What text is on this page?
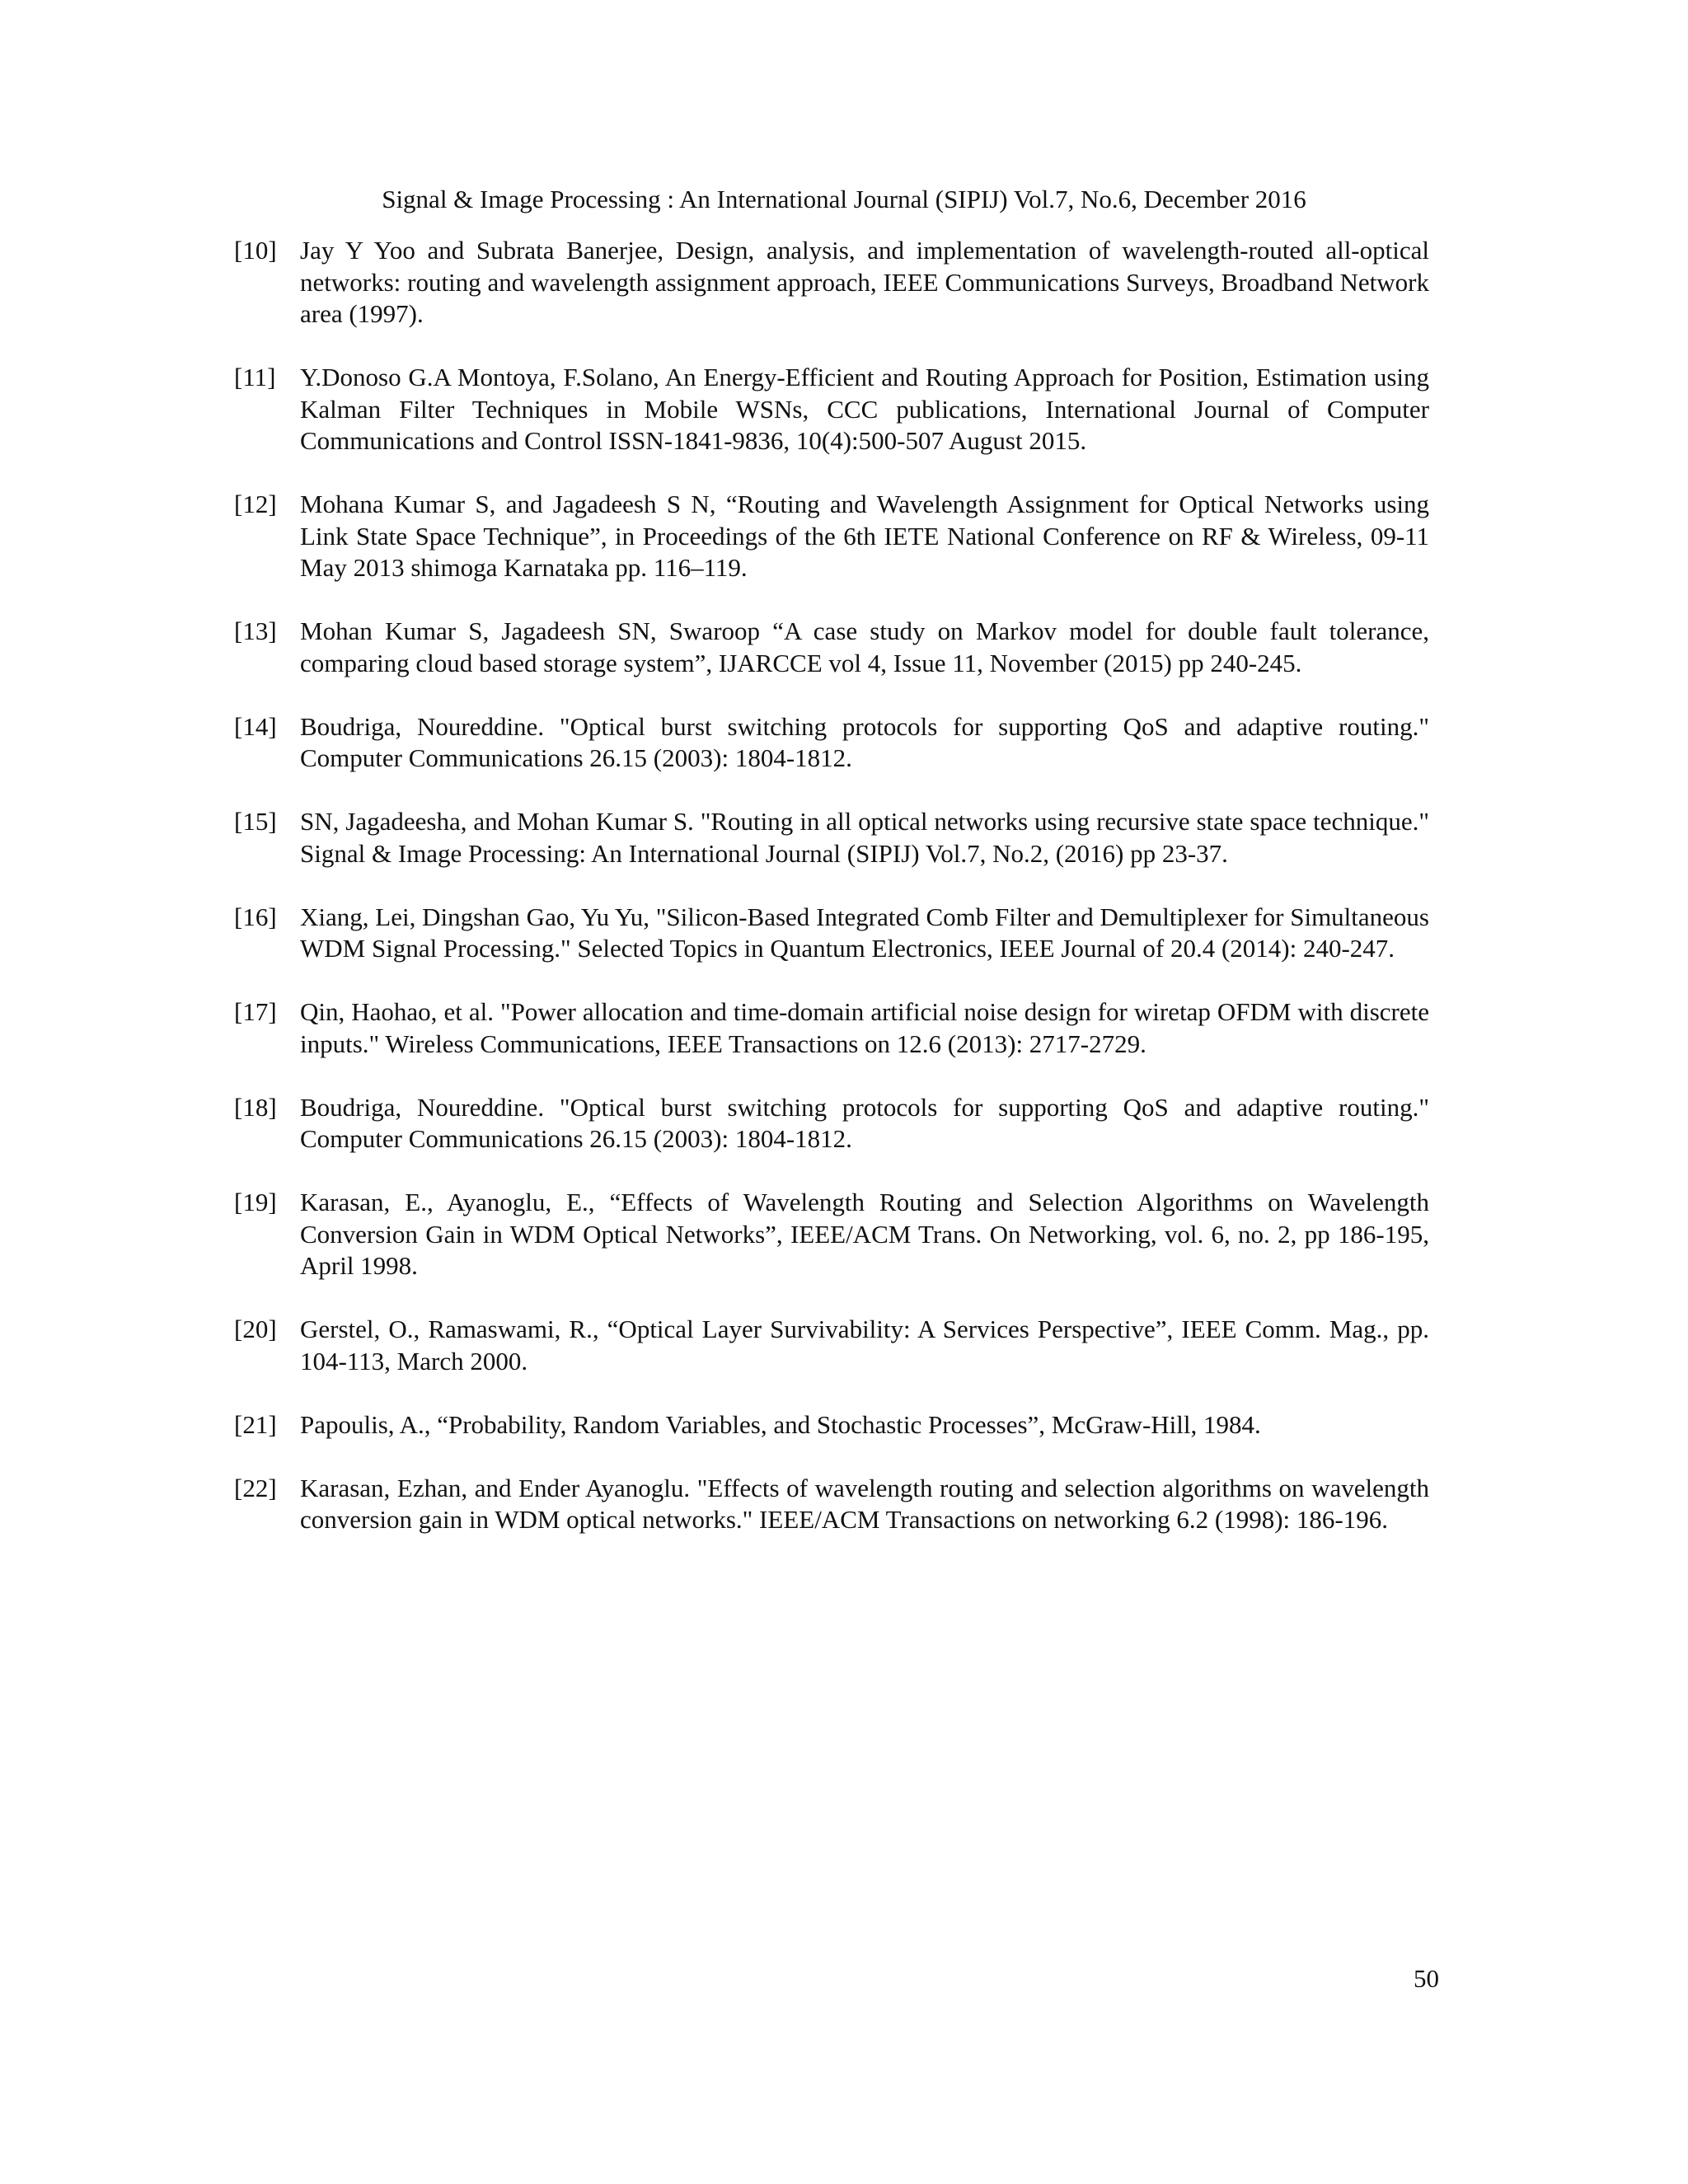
Signal & Image Processing : An International Journal (SIPIJ) Vol.7, No.6, December 2016
[10] Jay Y Yoo and Subrata Banerjee, Design, analysis, and implementation of wavelength-routed all-optical networks: routing and wavelength assignment approach, IEEE Communications Surveys, Broadband Network area (1997).
[11] Y.Donoso G.A Montoya, F.Solano, An Energy-Efficient and Routing Approach for Position, Estimation using Kalman Filter Techniques in Mobile WSNs, CCC publications, International Journal of Computer Communications and Control ISSN-1841-9836, 10(4):500-507 August 2015.
[12] Mohana Kumar S, and Jagadeesh S N, “Routing and Wavelength Assignment for Optical Networks using Link State Space Technique”, in Proceedings of the 6th IETE National Conference on RF & Wireless, 09-11 May 2013 shimoga Karnataka pp. 116–119.
[13] Mohan Kumar S, Jagadeesh SN, Swaroop “A case study on Markov model for double fault tolerance, comparing cloud based storage system”, IJARCCE vol 4, Issue 11, November (2015) pp 240-245.
[14] Boudriga, Noureddine. "Optical burst switching protocols for supporting QoS and adaptive routing." Computer Communications 26.15 (2003): 1804-1812.
[15] SN, Jagadeesha, and Mohan Kumar S. "Routing in all optical networks using recursive state space technique." Signal & Image Processing: An International Journal (SIPIJ) Vol.7, No.2, (2016) pp 23-37.
[16] Xiang, Lei, Dingshan Gao, Yu Yu, "Silicon-Based Integrated Comb Filter and Demultiplexer for Simultaneous WDM Signal Processing." Selected Topics in Quantum Electronics, IEEE Journal of 20.4 (2014): 240-247.
[17] Qin, Haohao, et al. "Power allocation and time-domain artificial noise design for wiretap OFDM with discrete inputs." Wireless Communications, IEEE Transactions on 12.6 (2013): 2717-2729.
[18] Boudriga, Noureddine. "Optical burst switching protocols for supporting QoS and adaptive routing." Computer Communications 26.15 (2003): 1804-1812.
[19] Karasan, E., Ayanoglu, E., “Effects of Wavelength Routing and Selection Algorithms on Wavelength Conversion Gain in WDM Optical Networks”, IEEE/ACM Trans. On Networking, vol. 6, no. 2, pp 186-195, April 1998.
[20] Gerstel, O., Ramaswami, R., “Optical Layer Survivability: A Services Perspective”, IEEE Comm. Mag., pp. 104-113, March 2000.
[21] Papoulis, A., “Probability, Random Variables, and Stochastic Processes”, McGraw-Hill, 1984.
[22] Karasan, Ezhan, and Ender Ayanoglu. "Effects of wavelength routing and selection algorithms on wavelength conversion gain in WDM optical networks." IEEE/ACM Transactions on networking 6.2 (1998): 186-196.
50
